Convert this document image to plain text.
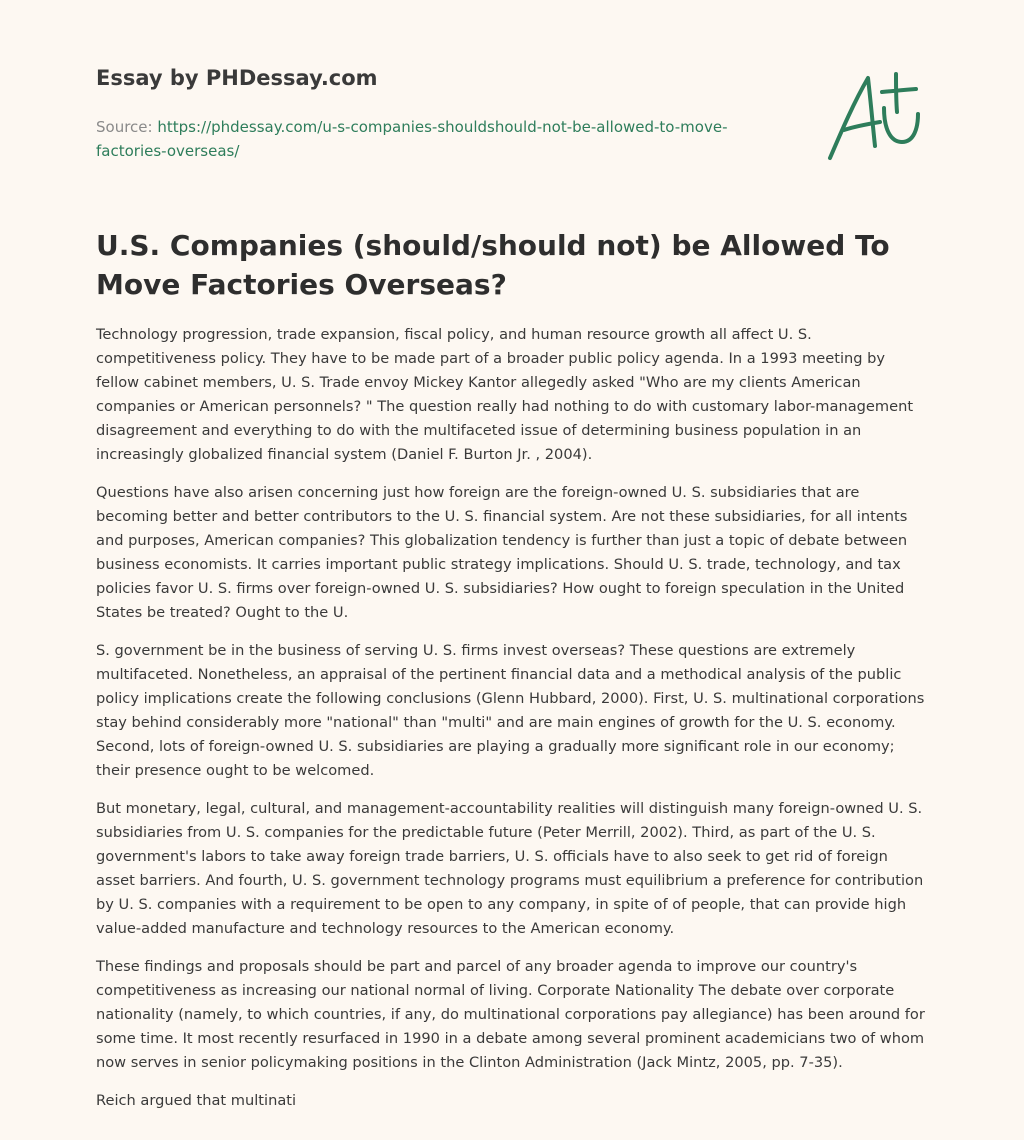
Essay by PHDessay.com
Source: https://phdessay.com/u-s-companies-shouldshould-not-be-allowed-to-move-
factories-overseas/
U.S. Companies (should/should not) be Allowed To Move Factories Overseas?

Technology progression, trade expansion, fiscal policy, and human resource growth all affect U. S. competitiveness policy. They have to be made part of a broader public policy agenda. In a 1993 meeting by fellow cabinet members, U. S. Trade envoy Mickey Kantor allegedly asked "Who are my clients American companies or American personnels? " The question really had nothing to do with customary labor-management disagreement and everything to do with the multifaceted issue of determining business population in an increasingly globalized financial system (Daniel F. Burton Jr. , 2004).

Questions have also arisen concerning just how foreign are the foreign-owned U. S. subsidiaries that are becoming better and better contributors to the U. S. financial system. Are not these subsidiaries, for all intents and purposes, American companies? This globalization tendency is further than just a topic of debate between business economists. It carries important public strategy implications. Should U. S. trade, technology, and tax policies favor U. S. firms over foreign-owned U. S. subsidiaries? How ought to foreign speculation in the United States be treated? Ought to the U.

S. government be in the business of serving U. S. firms invest overseas? These questions are extremely multifaceted. Nonetheless, an appraisal of the pertinent financial data and a methodical analysis of the public policy implications create the following conclusions (Glenn Hubbard, 2000). First, U. S. multinational corporations stay behind considerably more "national" than "multi" and are main engines of growth for the U. S. economy. Second, lots of foreign-owned U. S. subsidiaries are playing a gradually more significant role in our economy; their presence ought to be welcomed.

But monetary, legal, cultural, and management-accountability realities will distinguish many foreign-owned U. S. subsidiaries from U. S. companies for the predictable future (Peter Merrill, 2002). Third, as part of the U. S. government's labors to take away foreign trade barriers, U. S. officials have to also seek to get rid of foreign asset barriers. And fourth, U. S. government technology programs must equilibrium a preference for contribution by U. S. companies with a requirement to be open to any company, in spite of of people, that can provide high value-added manufacture and technology resources to the American economy.

These findings and proposals should be part and parcel of any broader agenda to improve our country's competitiveness as increasing our national normal of living. Corporate Nationality The debate over corporate nationality (namely, to which countries, if any, do multinational corporations pay allegiance) has been around for some time. It most recently resurfaced in 1990 in a debate among several prominent academicians two of whom now serves in senior policymaking positions in the Clinton Administration (Jack Mintz, 2005, pp. 7-35).

Reich argued that multinati
